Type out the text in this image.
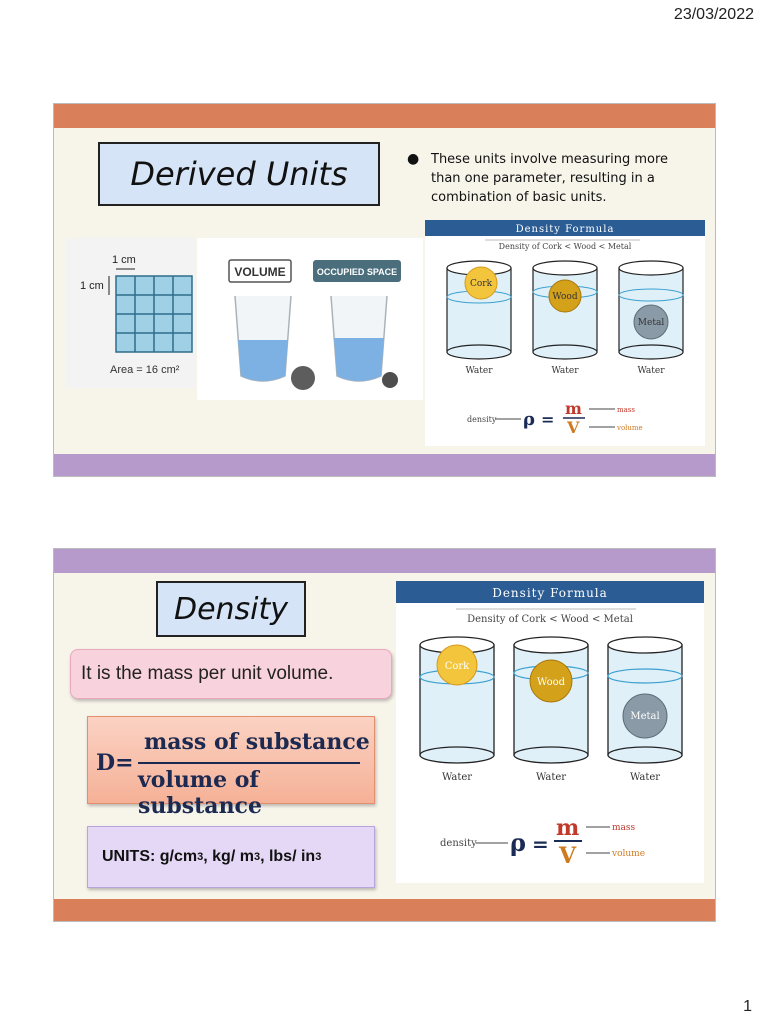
23/03/2022
Derived Units	● These units involve measuring more
than one parameter, resulting in a
combination of basic units.
1 cm
1 cm
Area = 16 cm²
VOLUME	OCCUPIED SPACE
Density Formula
Density of Cork < Wood < Metal
Cork
Water
Wood
Water
Metal
Water
density ρ =
m
V
mass
volume
Density
It is the mass per unit volume.
D=
mass of substance
volume of substance
UNITS: g/cm 3 , kg/ m 3 , lbs/ in 3
Density Formula
Density of Cork < Wood < Metal
Cork
Water
Wood
Water
Metal
Water
density ρ =
m
V
mass
volume
1
